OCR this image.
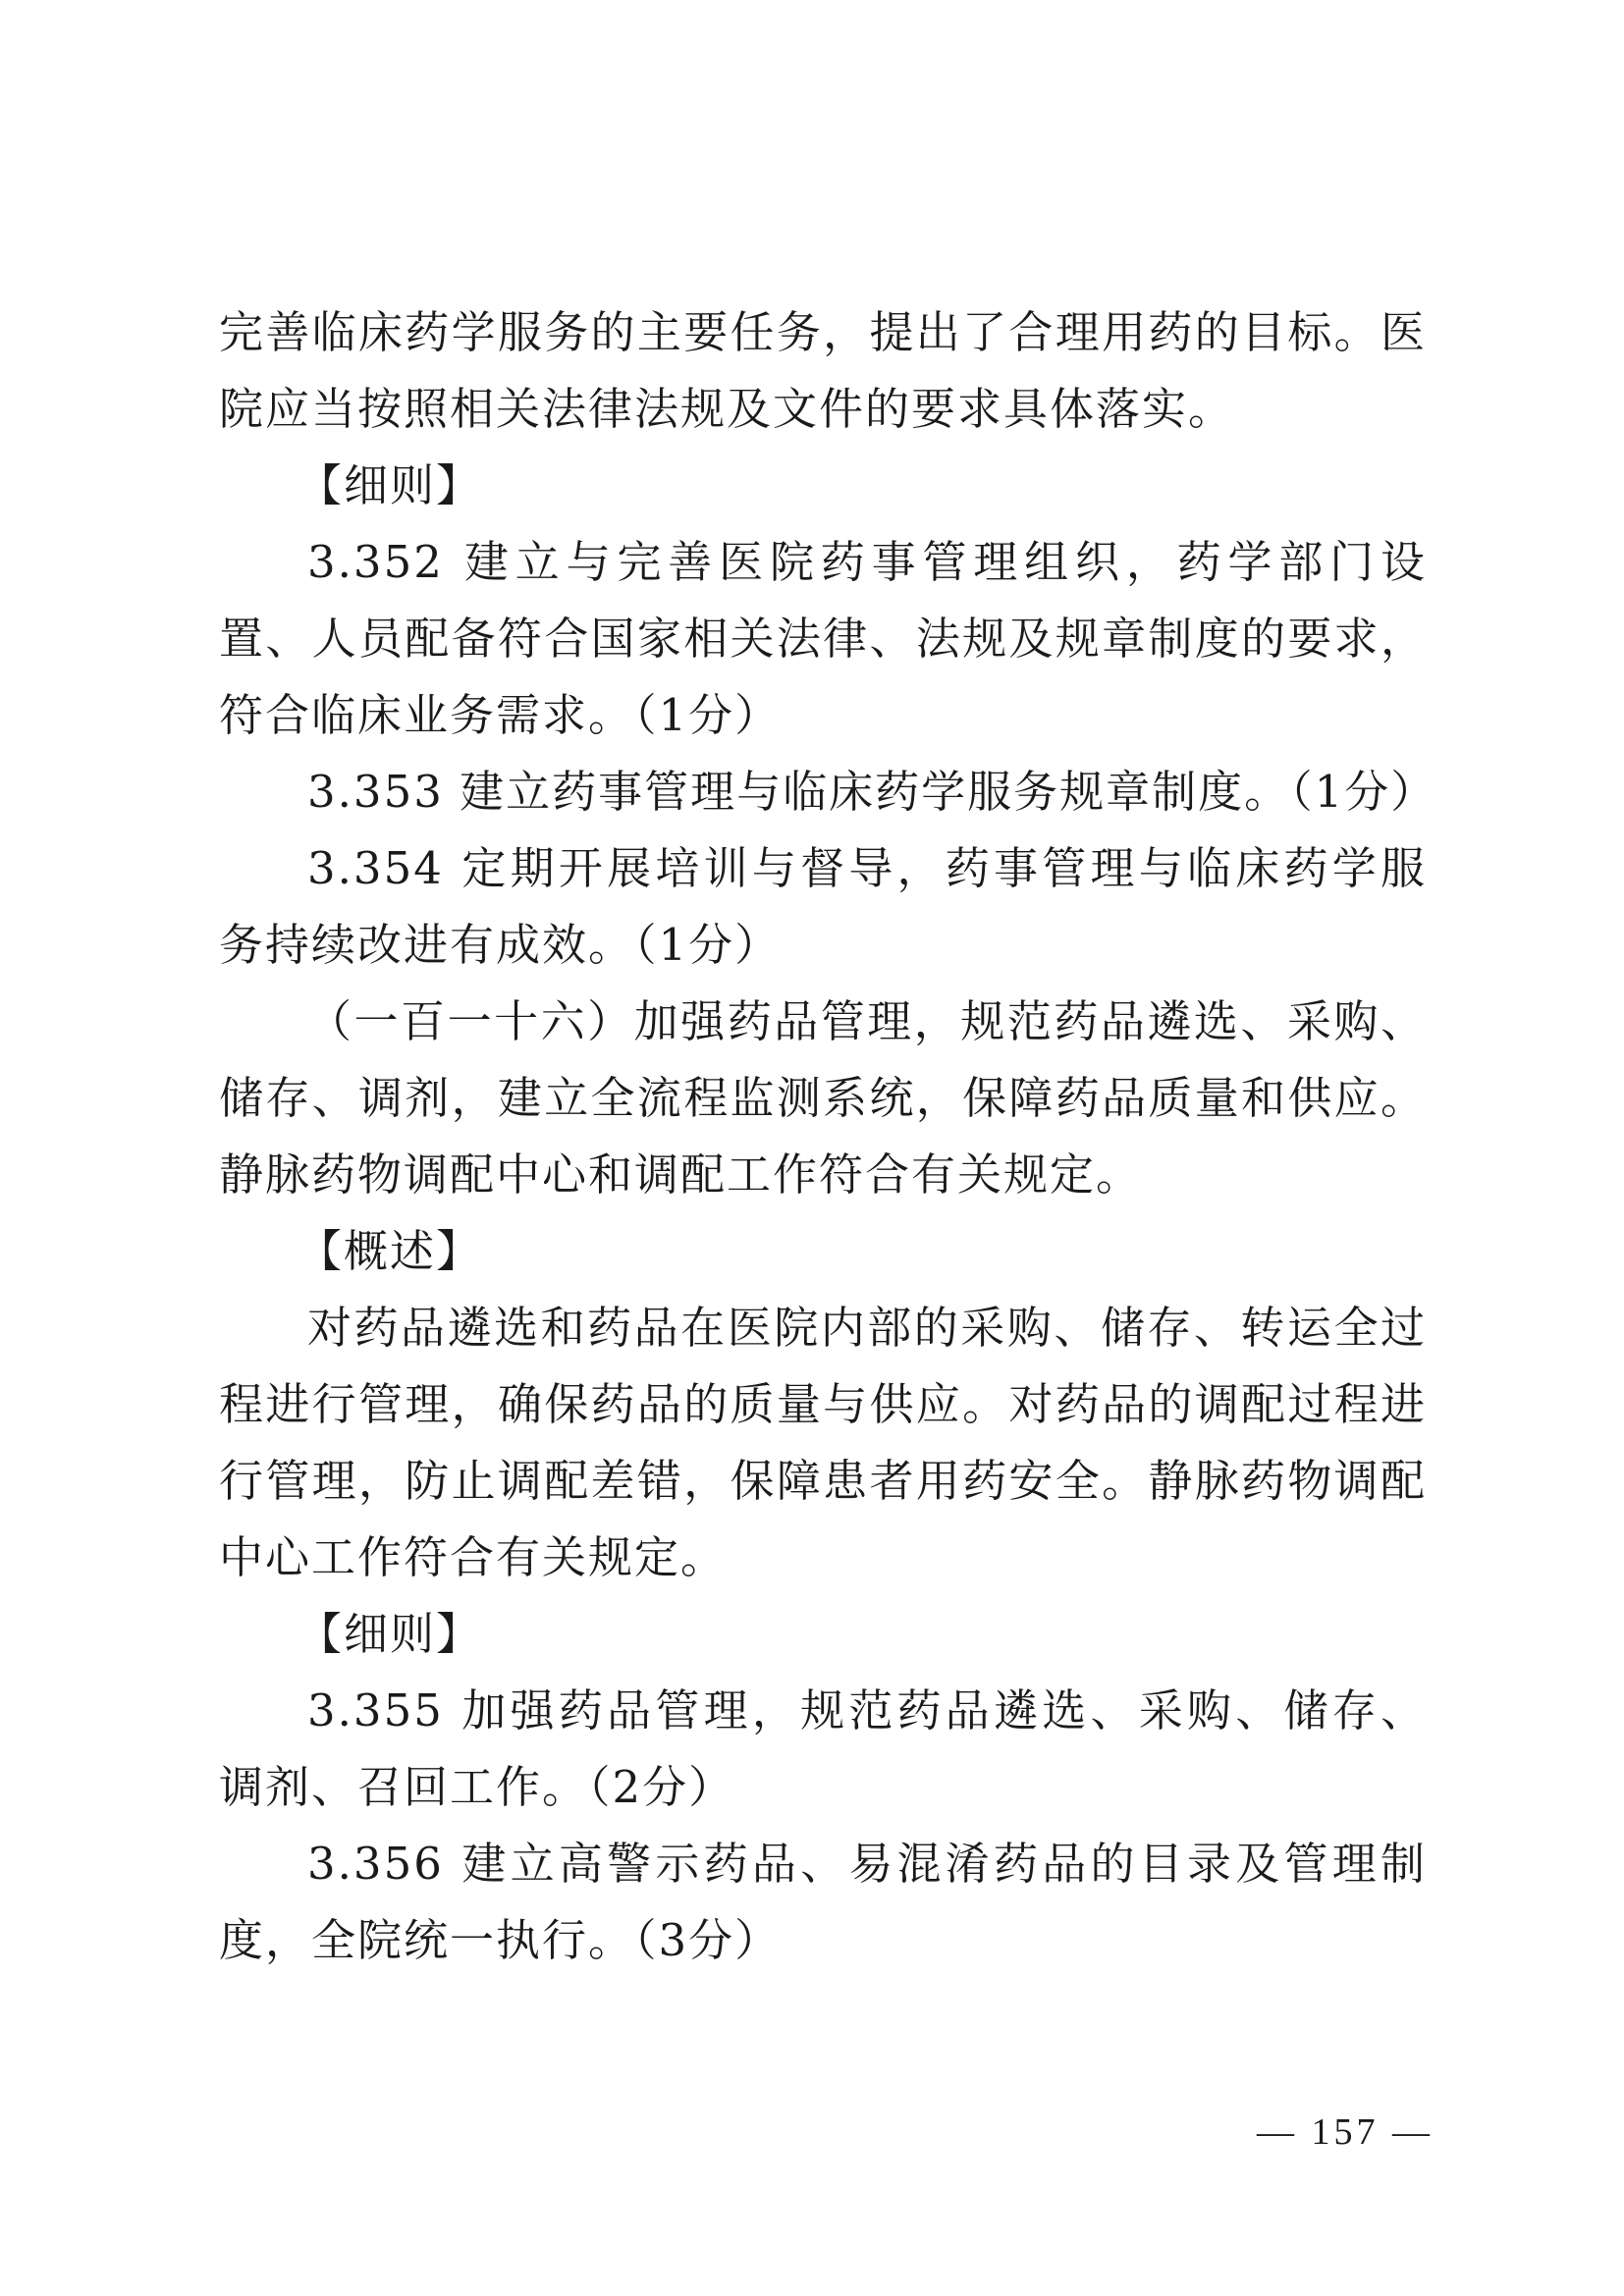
完善临床药学服务的主要任务，提出了合理用药的目标。医院应当按照相关法律法规及文件的要求具体落实。

【细则】

3.352 建立与完善医院药事管理组织，药学部门设置、人员配备符合国家相关法律、法规及规章制度的要求，符合临床业务需求。（1分）

3.353 建立药事管理与临床药学服务规章制度。（1分）

3.354 定期开展培训与督导，药事管理与临床药学服务持续改进有成效。（1分）

（一百一十六）加强药品管理，规范药品遴选、采购、储存、调剂，建立全流程监测系统，保障药品质量和供应。静脉药物调配中心和调配工作符合有关规定。

【概述】

对药品遴选和药品在医院内部的采购、储存、转运全过程进行管理，确保药品的质量与供应。对药品的调配过程进行管理，防止调配差错，保障患者用药安全。静脉药物调配中心工作符合有关规定。

【细则】

3.355 加强药品管理，规范药品遴选、采购、储存、调剂、召回工作。（2分）

3.356 建立高警示药品、易混淆药品的目录及管理制度，全院统一执行。（3分）

— 157 —
